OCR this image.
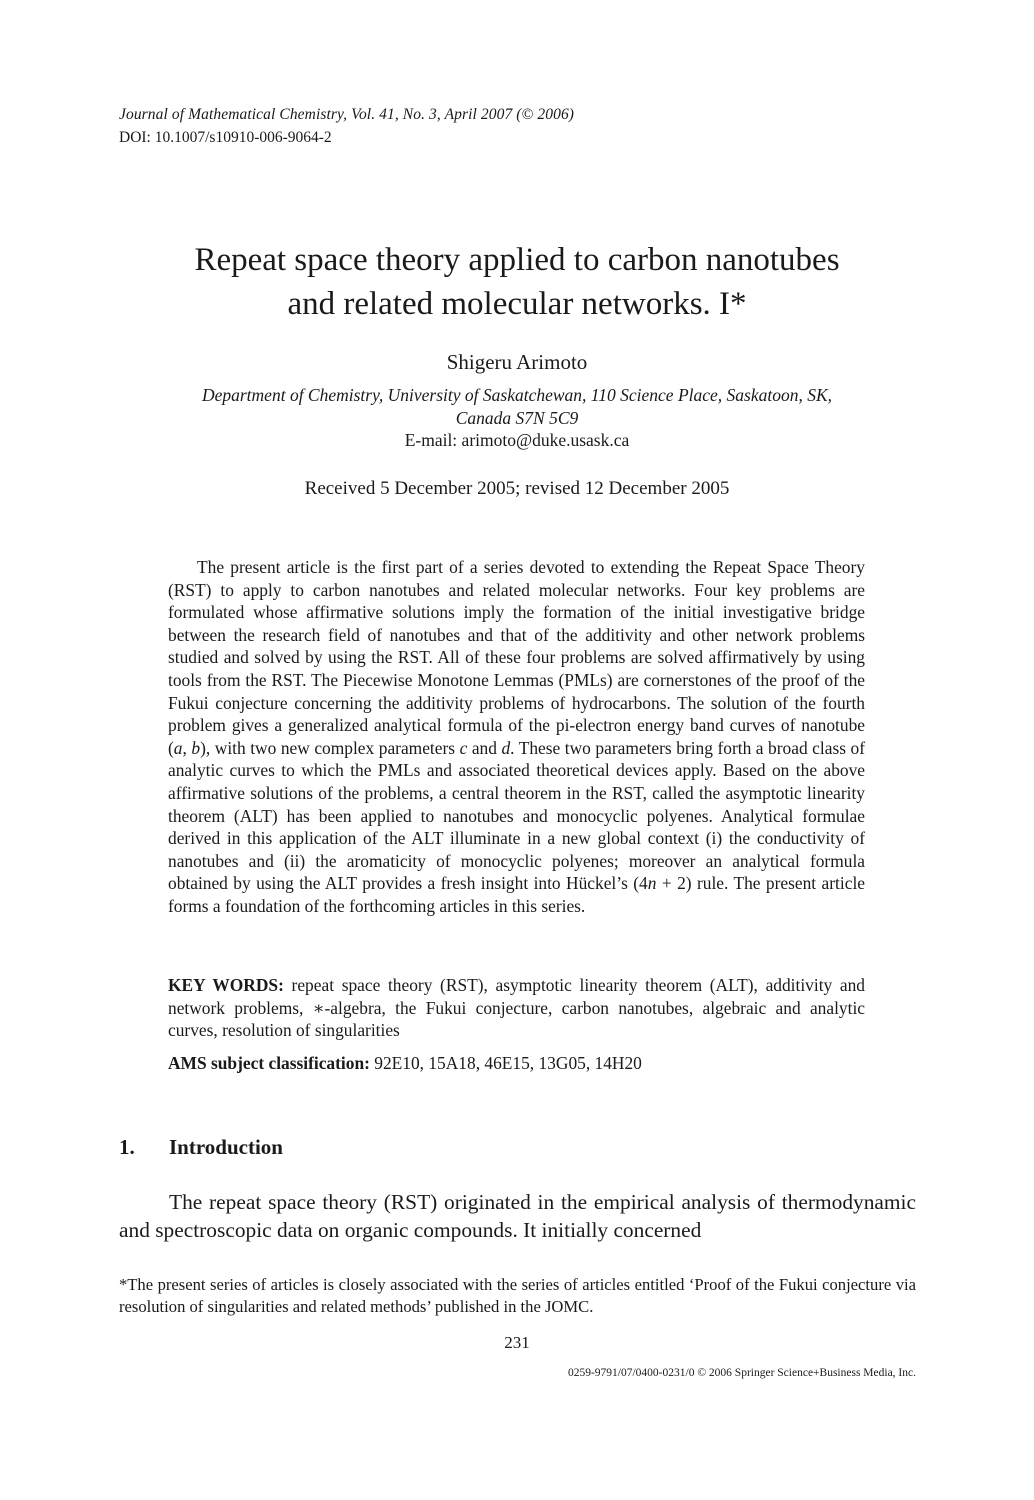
Journal of Mathematical Chemistry, Vol. 41, No. 3, April 2007 (© 2006)
DOI: 10.1007/s10910-006-9064-2
Repeat space theory applied to carbon nanotubes
and related molecular networks. I*
Shigeru Arimoto
Department of Chemistry, University of Saskatchewan, 110 Science Place, Saskatoon, SK,
Canada S7N 5C9
E-mail: arimoto@duke.usask.ca
Received 5 December 2005; revised 12 December 2005
The present article is the first part of a series devoted to extending the Repeat Space Theory (RST) to apply to carbon nanotubes and related molecular networks. Four key problems are formulated whose affirmative solutions imply the formation of the initial investigative bridge between the research field of nanotubes and that of the additivity and other network problems studied and solved by using the RST. All of these four problems are solved affirmatively by using tools from the RST. The Piecewise Monotone Lemmas (PMLs) are cornerstones of the proof of the Fukui conjecture concerning the additivity problems of hydrocarbons. The solution of the fourth problem gives a generalized analytical formula of the pi-electron energy band curves of nanotube (a, b), with two new complex parameters c and d. These two parameters bring forth a broad class of analytic curves to which the PMLs and associated theoretical devices apply. Based on the above affirmative solutions of the problems, a central theorem in the RST, called the asymptotic linearity theorem (ALT) has been applied to nanotubes and monocyclic polyenes. Analytical formulae derived in this application of the ALT illuminate in a new global context (i) the conductivity of nanotubes and (ii) the aromaticity of monocyclic polyenes; moreover an analytical formula obtained by using the ALT provides a fresh insight into Hückel’s (4n + 2) rule. The present article forms a foundation of the forthcoming articles in this series.
KEY WORDS: repeat space theory (RST), asymptotic linearity theorem (ALT), additivity and network problems, ∗-algebra, the Fukui conjecture, carbon nanotubes, algebraic and analytic curves, resolution of singularities
AMS subject classification: 92E10, 15A18, 46E15, 13G05, 14H20
1. Introduction
The repeat space theory (RST) originated in the empirical analysis of thermodynamic and spectroscopic data on organic compounds. It initially concerned
*The present series of articles is closely associated with the series of articles entitled ‘Proof of the Fukui conjecture via resolution of singularities and related methods’ published in the JOMC.
231
0259-9791/07/0400-0231/0 © 2006 Springer Science+Business Media, Inc.
